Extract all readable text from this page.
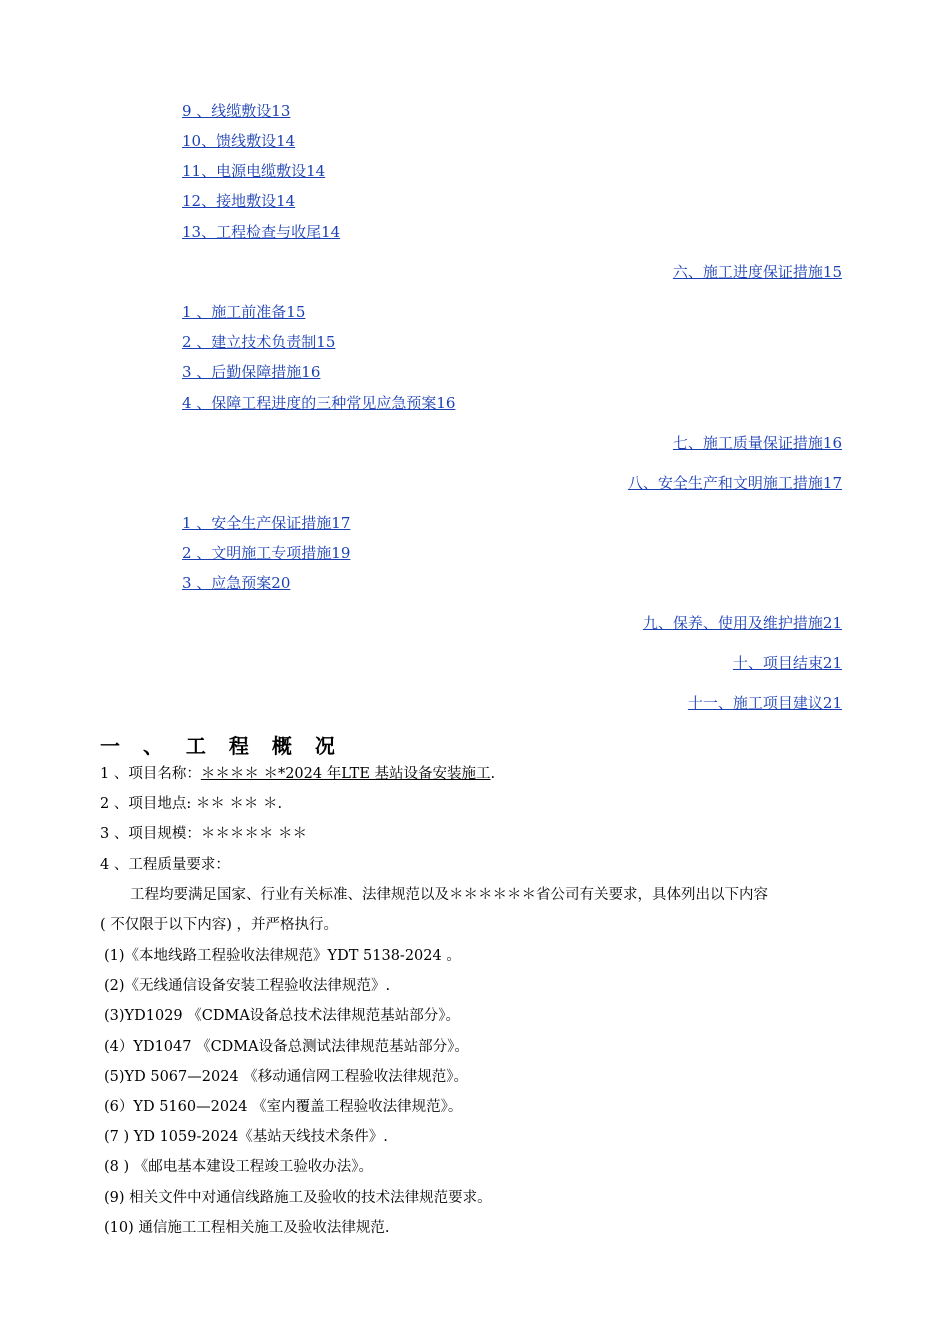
9 、线缆敷设13
10、馈线敷设14
11、电源电缆敷设14
12、接地敷设14
13、工程检查与收尾14
六、施工进度保证措施15
1 、施工前准备15
2 、建立技术负责制15
3 、后勤保障措施16
4 、保障工程进度的三种常见应急预案16
七、施工质量保证措施16
八、安全生产和文明施工措施17
1 、安全生产保证措施17
2 、文明施工专项措施19
3 、应急预案20
九、保养、使用及维护措施21
十、项目结束21
十一、施工项目建议21
一 、 工 程 概 况
1 、项目名称：＊＊＊＊ ＊*2024 年LTE 基站设备安装施工.
2 、项目地点: ＊＊ ＊＊ ＊.
3 、项目规模：＊＊＊＊＊ ＊＊
4 、工程质量要求：
工程均要满足国家、行业有关标准、法律规范以及＊＊＊＊＊＊省公司有关要求，具体列出以下内容
( 不仅限于以下内容) ，并严格执行。
(1)《本地线路工程验收法律规范》YDT 5138-2024 。
(2)《无线通信设备安装工程验收法律规范》.
(3)YD1029 《CDMA设备总技术法律规范基站部分》。
(4）YD1047 《CDMA设备总测试法律规范基站部分》。
(5)YD 5067—2024 《移动通信网工程验收法律规范》。
(6）YD 5160—2024 《室内覆盖工程验收法律规范》。
(7 ) YD 1059-2024《基站天线技术条件》.
(8 ) 《邮电基本建设工程竣工验收办法》。
(9) 相关文件中对通信线路施工及验收的技术法律规范要求。
(10) 通信施工工程相关施工及验收法律规范.
